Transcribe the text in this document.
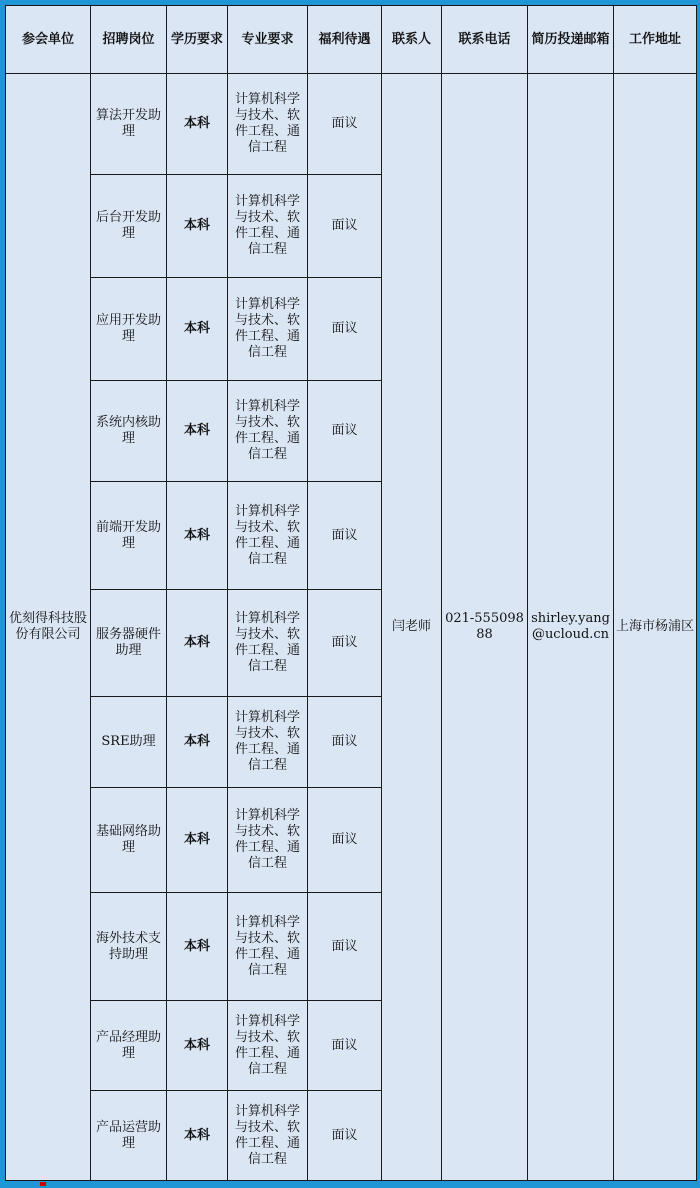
参会单位	招聘岗位	学历要求	专业要求	福利待遇	联系人	联系电话	简历投递邮箱	工作地址
优刻得科技股份有限公司	算法开发助理	本科	计算机科学与技术、软件工程、通信工程	面议	闫老师	021-55509888	shirley.yang@ucloud.cn	上海市杨浦区
	后台开发助理	本科	计算机科学与技术、软件工程、通信工程	面议				
	应用开发助理	本科	计算机科学与技术、软件工程、通信工程	面议				
	系统内核助理	本科	计算机科学与技术、软件工程、通信工程	面议				
	前端开发助理	本科	计算机科学与技术、软件工程、通信工程	面议				
	服务器硬件助理	本科	计算机科学与技术、软件工程、通信工程	面议				
	SRE助理	本科	计算机科学与技术、软件工程、通信工程	面议				
	基础网络助理	本科	计算机科学与技术、软件工程、通信工程	面议				
	海外技术支持助理	本科	计算机科学与技术、软件工程、通信工程	面议				
	产品经理助理	本科	计算机科学与技术、软件工程、通信工程	面议				
	产品运营助理	本科	计算机科学与技术、软件工程、通信工程	面议				
